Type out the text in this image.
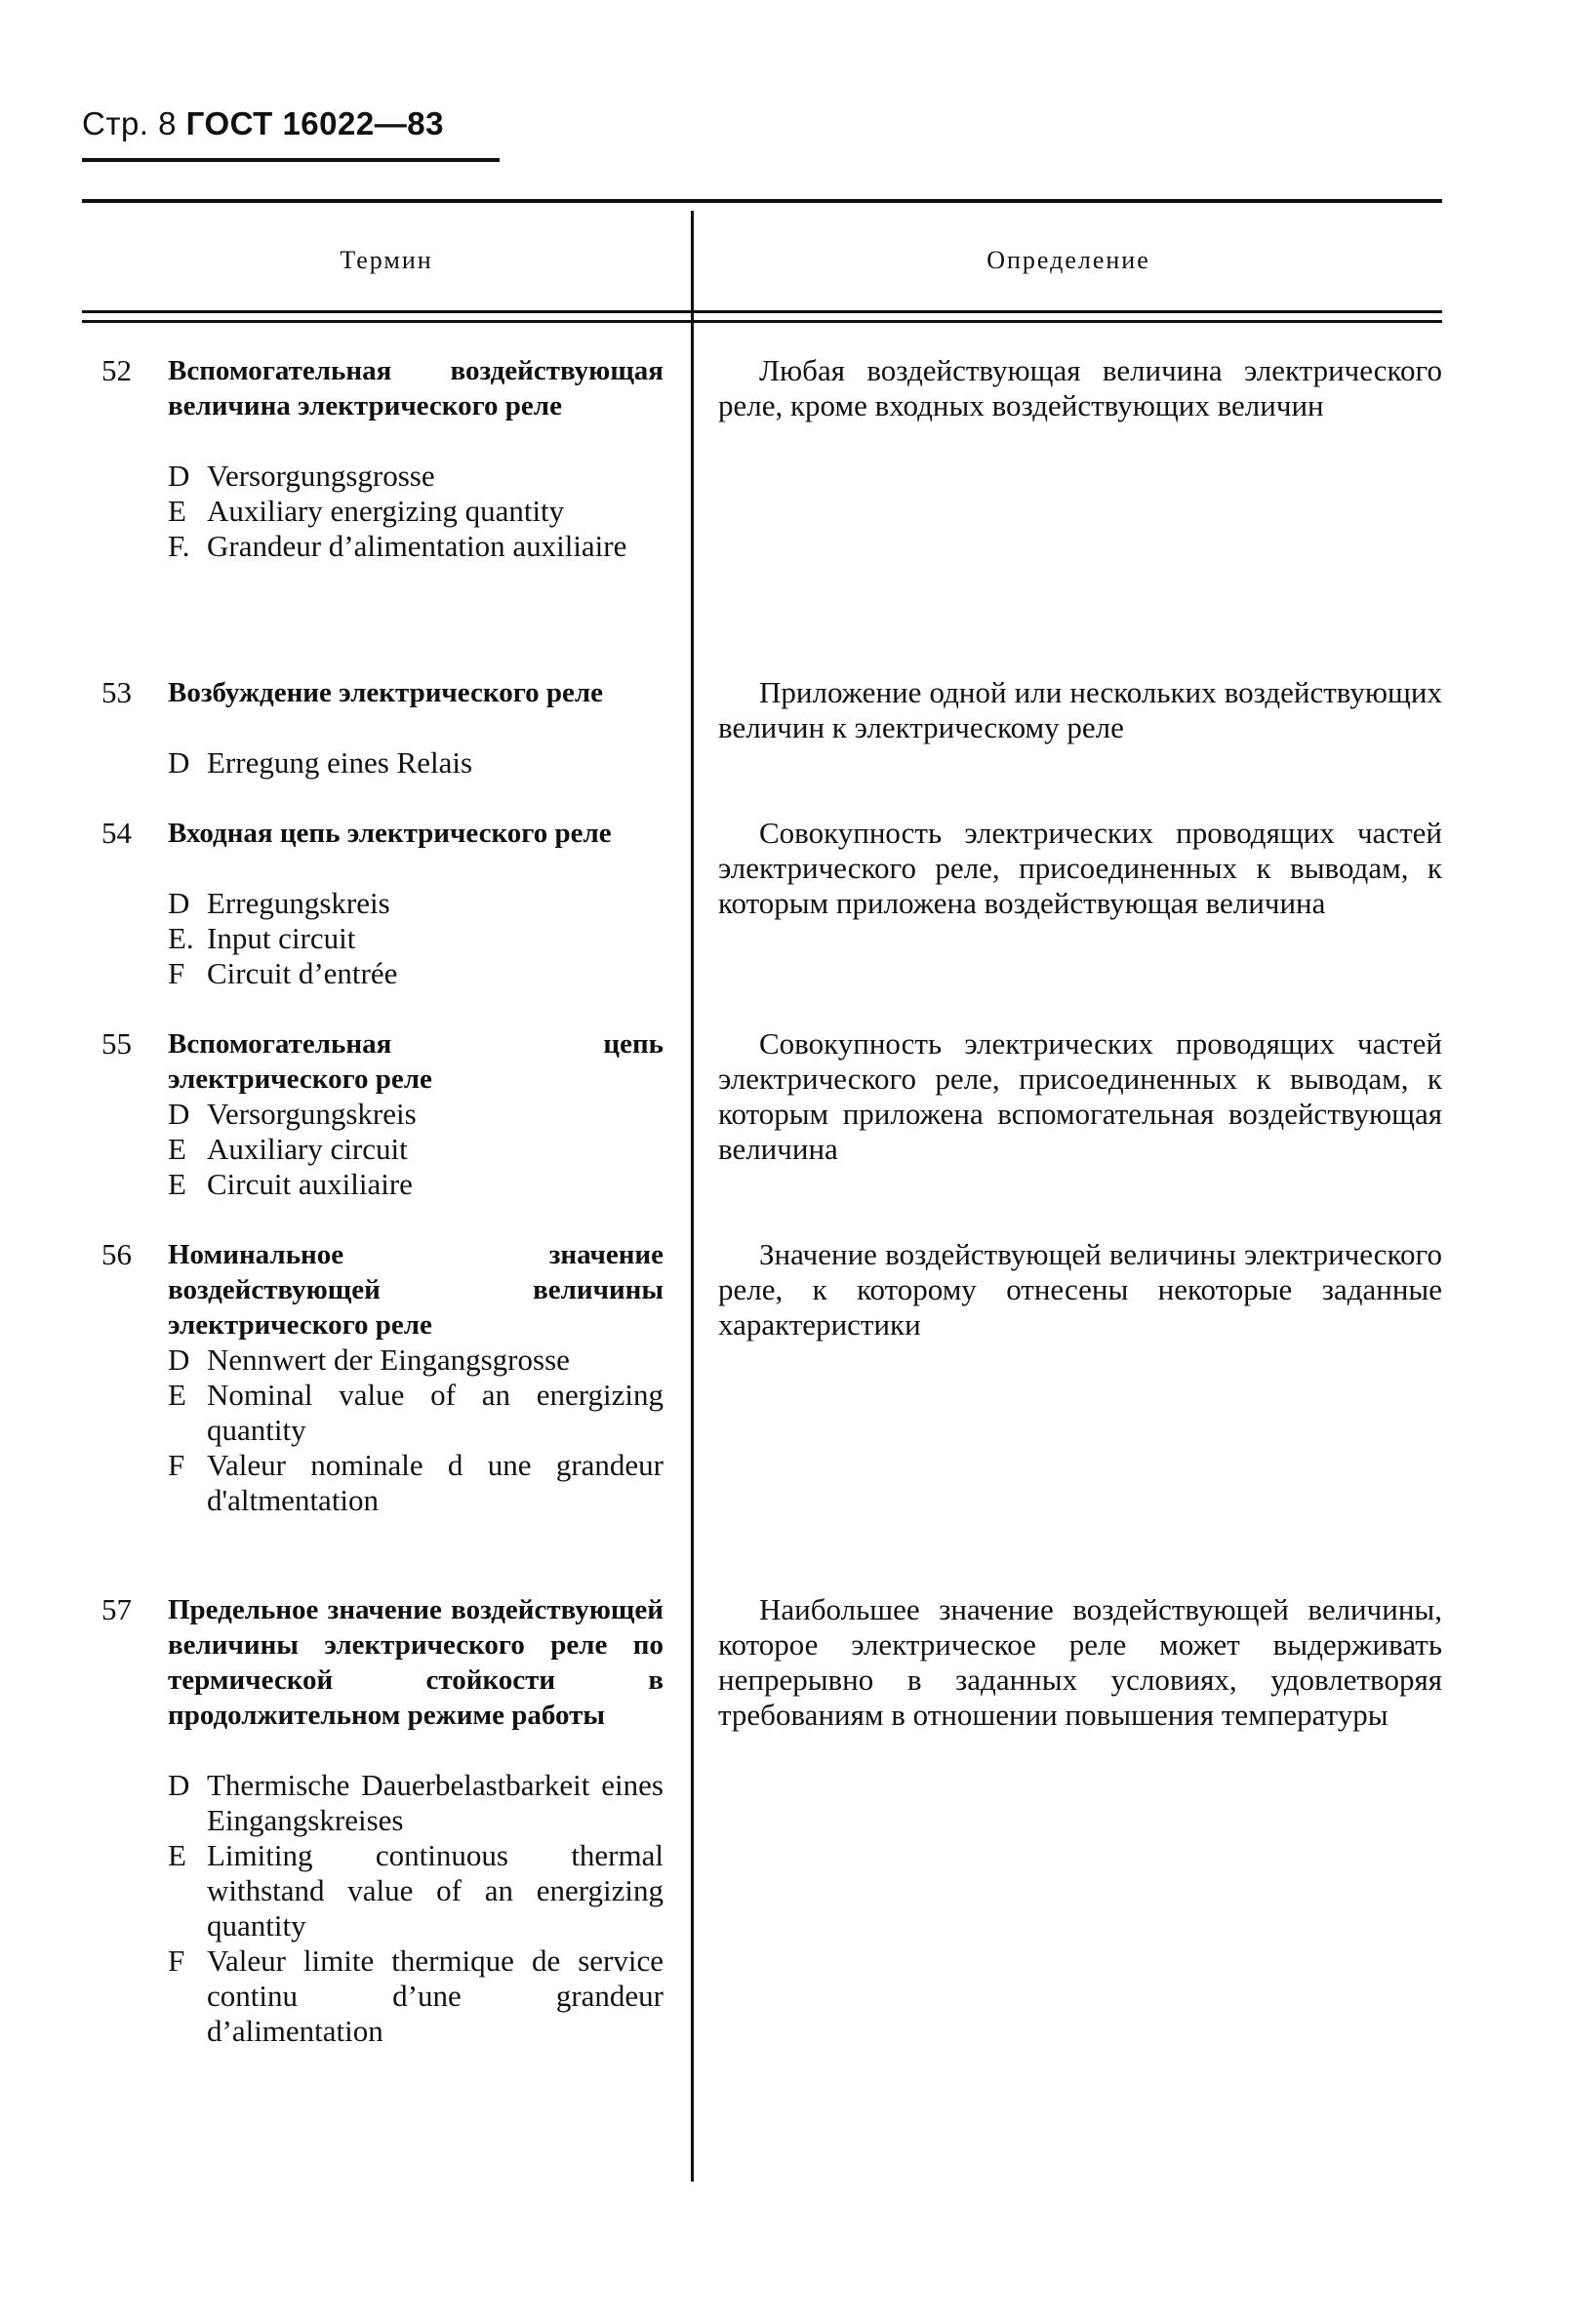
Стр. 8 ГОСТ 16022—83
Термин	Определение
52	Вспомогательная воздействующая величина электрического реле
D Versorgungsgrosse
E Auxiliary energizing quantity
F. Grandeur d’alimentation auxiliaire
Любая воздействующая величина электрического реле, кроме входных воздействующих величин
53	Возбуждение электрического реле
D Erregung eines Relais
Приложение одной или нескольких воздействующих величин к электрическому реле
54	Входная цепь электрического реле
D Erregungskreis
E. Input circuit
F Circuit d’entrée
Совокупность электрических проводящих частей электрического реле, присоединенных к выводам, к которым приложена воздействующая величина
55	Вспомогательная цепь электрического реле
D Versorgungskreis
E Auxiliary circuit
E Circuit auxiliaire
Совокупность электрических проводящих частей электрического реле, присоединенных к выводам, к которым приложена вспомогательная воздействующая величина
56	Номинальное значение воздействующей величины электрического реле
D Nennwert der Eingangsgrosse
E Nominal value of an energizing quantity
F Valeur nominale d une grandeur d'altmentation
Значение воздействующей величины электрического реле, к которому отнесены некоторые заданные характеристики
57	Предельное значение воздействующей величины электрического реле по термической стойкости в продолжительном режиме работы
D Thermische Dauerbelastbarkeit eines Eingangskreises
E Limiting continuous thermal withstand value of an energizing quantity
F Valeur limite thermique de service continu d’une grandeur d’alimentation
Наибольшее значение воздействующей величины, которое электрическое реле может выдерживать непрерывно в заданных условиях, удовлетворяя требованиям в отношении повышения температуры
